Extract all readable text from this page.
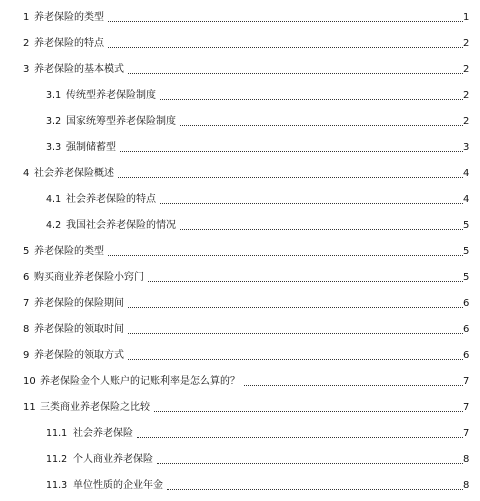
1 养老保险的类型	1
2 养老保险的特点	2
3 养老保险的基本模式	2
3.1 传统型养老保险制度	2
3.2 国家统筹型养老保险制度	2
3.3 强制储蓄型	3
4 社会养老保险概述	4
4.1 社会养老保险的特点	4
4.2 我国社会养老保险的情况	5
5 养老保险的类型	5
6 购买商业养老保险小窍门	5
7 养老保险的保险期间	6
8 养老保险的领取时间	6
9 养老保险的领取方式	6
10 养老保险金个人账户的记账利率是怎么算的？	7
11 三类商业养老保险之比较	7
11.1 社会养老保险	7
11.2 个人商业养老保险	8
11.3 单位性质的企业年金	8
